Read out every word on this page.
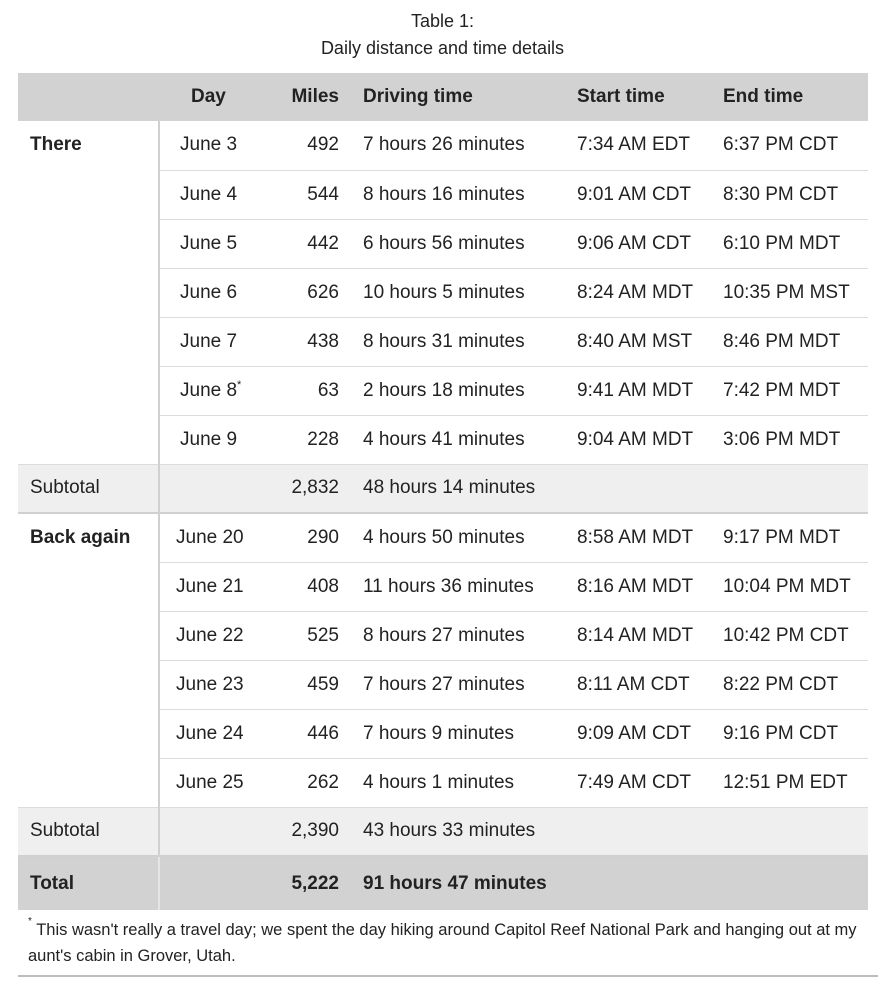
Table 1:
Daily distance and time details
	Day	Miles	Driving time	Start time	End time
There	June 3	492	7 hours 26 minutes	7:34 AM EDT	6:37 PM CDT
	June 4	544	8 hours 16 minutes	9:01 AM CDT	8:30 PM CDT
	June 5	442	6 hours 56 minutes	9:06 AM CDT	6:10 PM MDT
	June 6	626	10 hours 5 minutes	8:24 AM MDT	10:35 PM MST
	June 7	438	8 hours 31 minutes	8:40 AM MST	8:46 PM MDT
	June 8*	63	2 hours 18 minutes	9:41 AM MDT	7:42 PM MDT
	June 9	228	4 hours 41 minutes	9:04 AM MDT	3:06 PM MDT
Subtotal		2,832	48 hours 14 minutes		
Back again	June 20	290	4 hours 50 minutes	8:58 AM MDT	9:17 PM MDT
	June 21	408	11 hours 36 minutes	8:16 AM MDT	10:04 PM MDT
	June 22	525	8 hours 27 minutes	8:14 AM MDT	10:42 PM CDT
	June 23	459	7 hours 27 minutes	8:11 AM CDT	8:22 PM CDT
	June 24	446	7 hours 9 minutes	9:09 AM CDT	9:16 PM CDT
	June 25	262	4 hours 1 minutes	7:49 AM CDT	12:51 PM EDT
Subtotal		2,390	43 hours 33 minutes		
Total		5,222	91 hours 47 minutes		
* This wasn't really a travel day; we spent the day hiking around Capitol Reef National Park and hanging out at my aunt's cabin in Grover, Utah.
